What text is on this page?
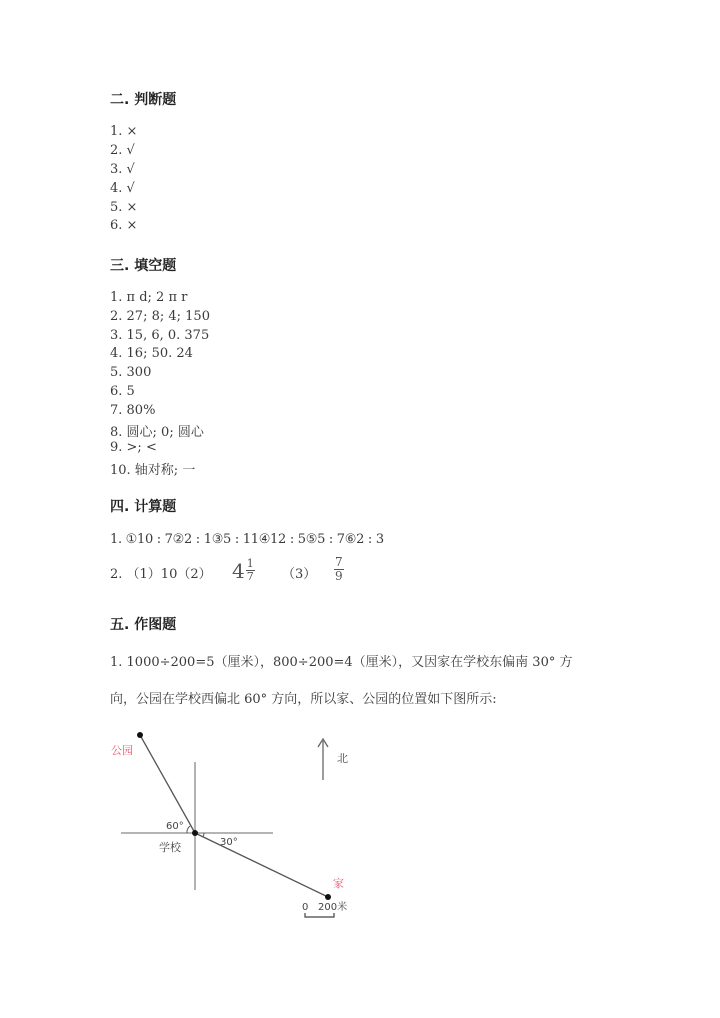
二. 判断题
1. ×
2. √
3. √
4. √
5. ×
6. ×
三. 填空题
1. π d; 2 π r
2. 27; 8; 4; 150
3. 15, 6, 0. 375
4. 16; 50. 24
5. 300
6. 5
7. 80%
8. 圆心; 0; 圆心
9. >; <
10. 轴对称; 一
四. 计算题
1. ①10 : 7②2 : 1③5 : 11④12 : 5⑤5 : 7⑥2 : 3
2. （1）10（2） $4 \frac{1}{7} (3) \frac{7}{9}$
五. 作图题
1. 1000÷200=5（厘米），800÷200=4（厘米），又因家在学校东偏南 30° 方
向，公园在学校西偏北 60° 方向，所以家、公园的位置如下图所示:
公园
60°
30°
学校
家
北
0 200米
